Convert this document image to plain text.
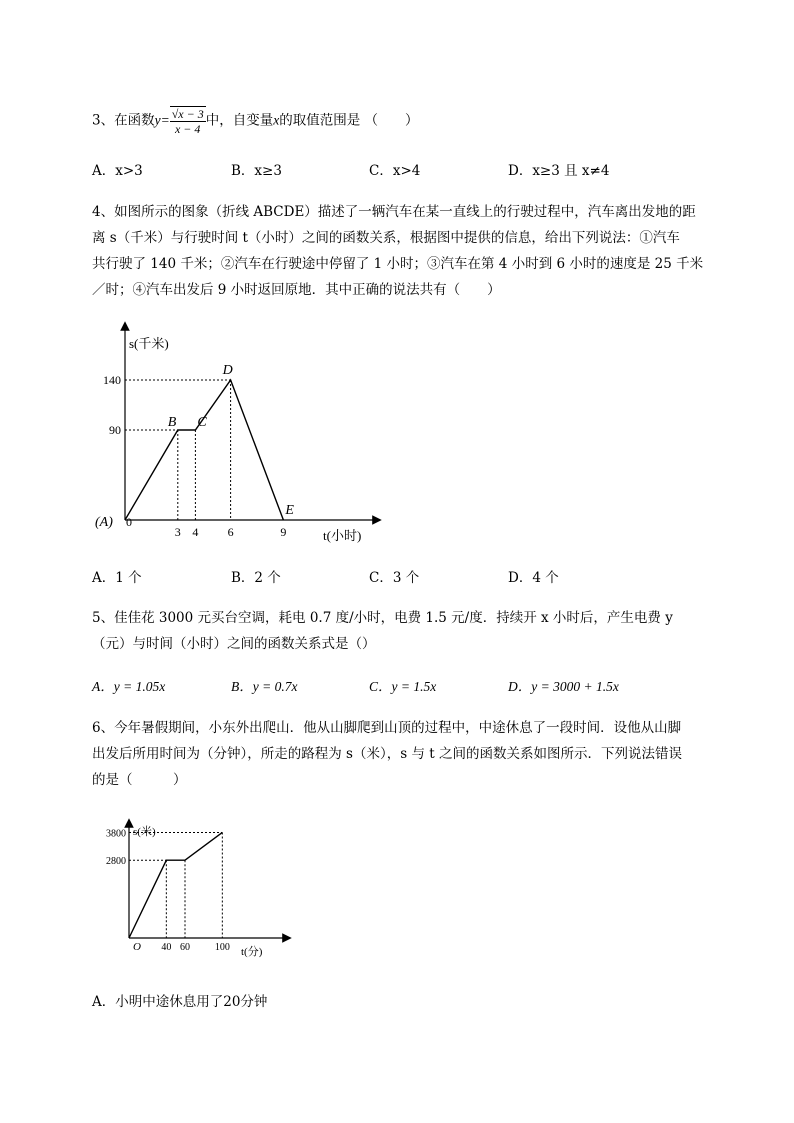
3、在函数$y= \frac{√x - 3}{x - 4}$ 中，自变量x的取值范围是 （　　）
A．x>3	B．x≥3	C．x>4	D．x≥3 且 x≠4
4、如图所示的图象（折线 ABCDE）描述了一辆汽车在某一直线上的行驶过程中，汽车离出发地的距
离 s（千米）与行驶时间 t（小时）之间的函数关系，根据图中提供的信息，给出下列说法：①汽车
共行驶了 140 千米；②汽车在行驶途中停留了 1 小时；③汽车在第 4 小时到 6 小时的速度是 25 千米
／时；④汽车出发后 9 小时返回原地．其中正确的说法共有（　　）
3 4 6	9
0
90
140
(A)
B C
D
E
s(千米)
t(小时)
A．1 个	B．2 个	C．3 个	D．4 个
5、佳佳花 3000 元买台空调，耗电 0.7 度/小时，电费 1.5 元/度．持续开 x 小时后，产生电费 y
（元）与时间（小时）之间的函数关系式是（）
A．y = 1.05x	B．y = 0.7x	C．y = 1.5x	D．y = 3000 + 1.5x
6、今年暑假期间，小东外出爬山．他从山脚爬到山顶的过程中，中途休息了一段时间．设他从山脚
出发后所用时间为（分钟），所走的路程为 s（米），s 与 t 之间的函数关系如图所示．下列说法错误
的是（　　　）
40 60 100
2800
3800
O
s(米)
t(分)
A．小明中途休息用了20分钟
